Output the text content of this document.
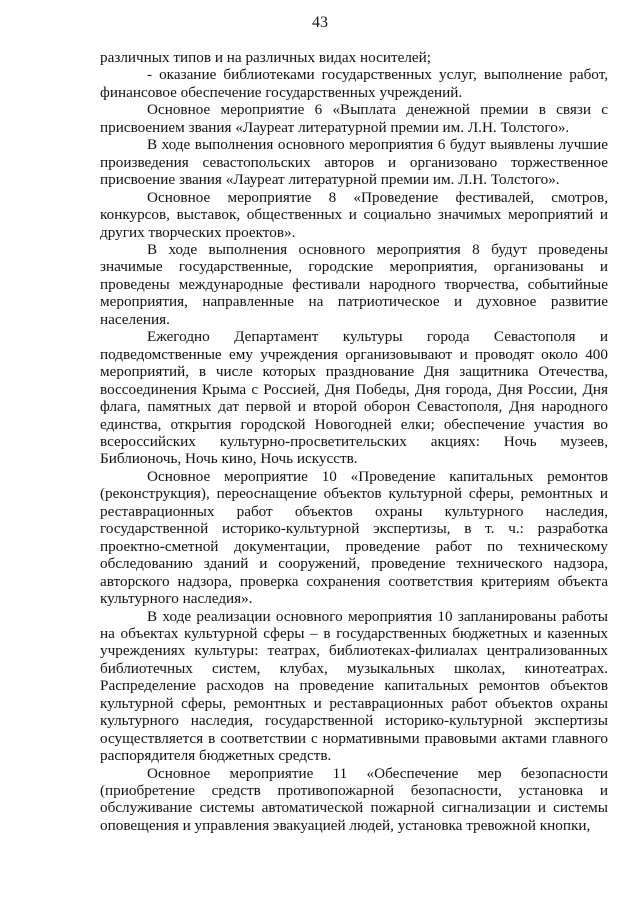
43

различных типов и на различных видах носителей;

- оказание библиотеками государственных услуг, выполнение работ, финансовое обеспечение государственных учреждений.

Основное мероприятие 6 «Выплата денежной премии в связи с присвоением звания «Лауреат литературной премии им. Л.Н. Толстого».

В ходе выполнения основного мероприятия 6 будут выявлены лучшие произведения севастопольских авторов и организовано торжественное присвоение звания «Лауреат литературной премии им. Л.Н. Толстого».

Основное мероприятие 8 «Проведение фестивалей, смотров, конкурсов, выставок, общественных и социально значимых мероприятий и других творческих проектов».

В ходе выполнения основного мероприятия 8 будут проведены значимые государственные, городские мероприятия, организованы и проведены международные фестивали народного творчества, событийные мероприятия, направленные на патриотическое и духовное развитие населения.

Ежегодно Департамент культуры города Севастополя и подведомственные ему учреждения организовывают и проводят около 400 мероприятий, в числе которых празднование Дня защитника Отечества, воссоединения Крыма с Россией, Дня Победы, Дня города, Дня России, Дня флага, памятных дат первой и второй оборон Севастополя, Дня народного единства, открытия городской Новогодней елки; обеспечение участия во всероссийских культурно-просветительских акциях: Ночь музеев, Библионочь, Ночь кино, Ночь искусств.

Основное мероприятие 10 «Проведение капитальных ремонтов (реконструкция), переоснащение объектов культурной сферы, ремонтных и реставрационных работ объектов охраны культурного наследия, государственной историко-культурной экспертизы, в т. ч.: разработка проектно-сметной документации, проведение работ по техническому обследованию зданий и сооружений, проведение технического надзора, авторского надзора, проверка сохранения соответствия критериям объекта культурного наследия».

В ходе реализации основного мероприятия 10 запланированы работы на объектах культурной сферы – в государственных бюджетных и казенных учреждениях культуры: театрах, библиотеках-филиалах централизованных библиотечных систем, клубах, музыкальных школах, кинотеатрах. Распределение расходов на проведение капитальных ремонтов объектов культурной сферы, ремонтных и реставрационных работ объектов охраны культурного наследия, государственной историко-культурной экспертизы осуществляется в соответствии с нормативными правовыми актами главного распорядителя бюджетных средств.

Основное мероприятие 11 «Обеспечение мер безопасности (приобретение средств противопожарной безопасности, установка и обслуживание системы автоматической пожарной сигнализации и системы оповещения и управления эвакуацией людей, установка тревожной кнопки,
